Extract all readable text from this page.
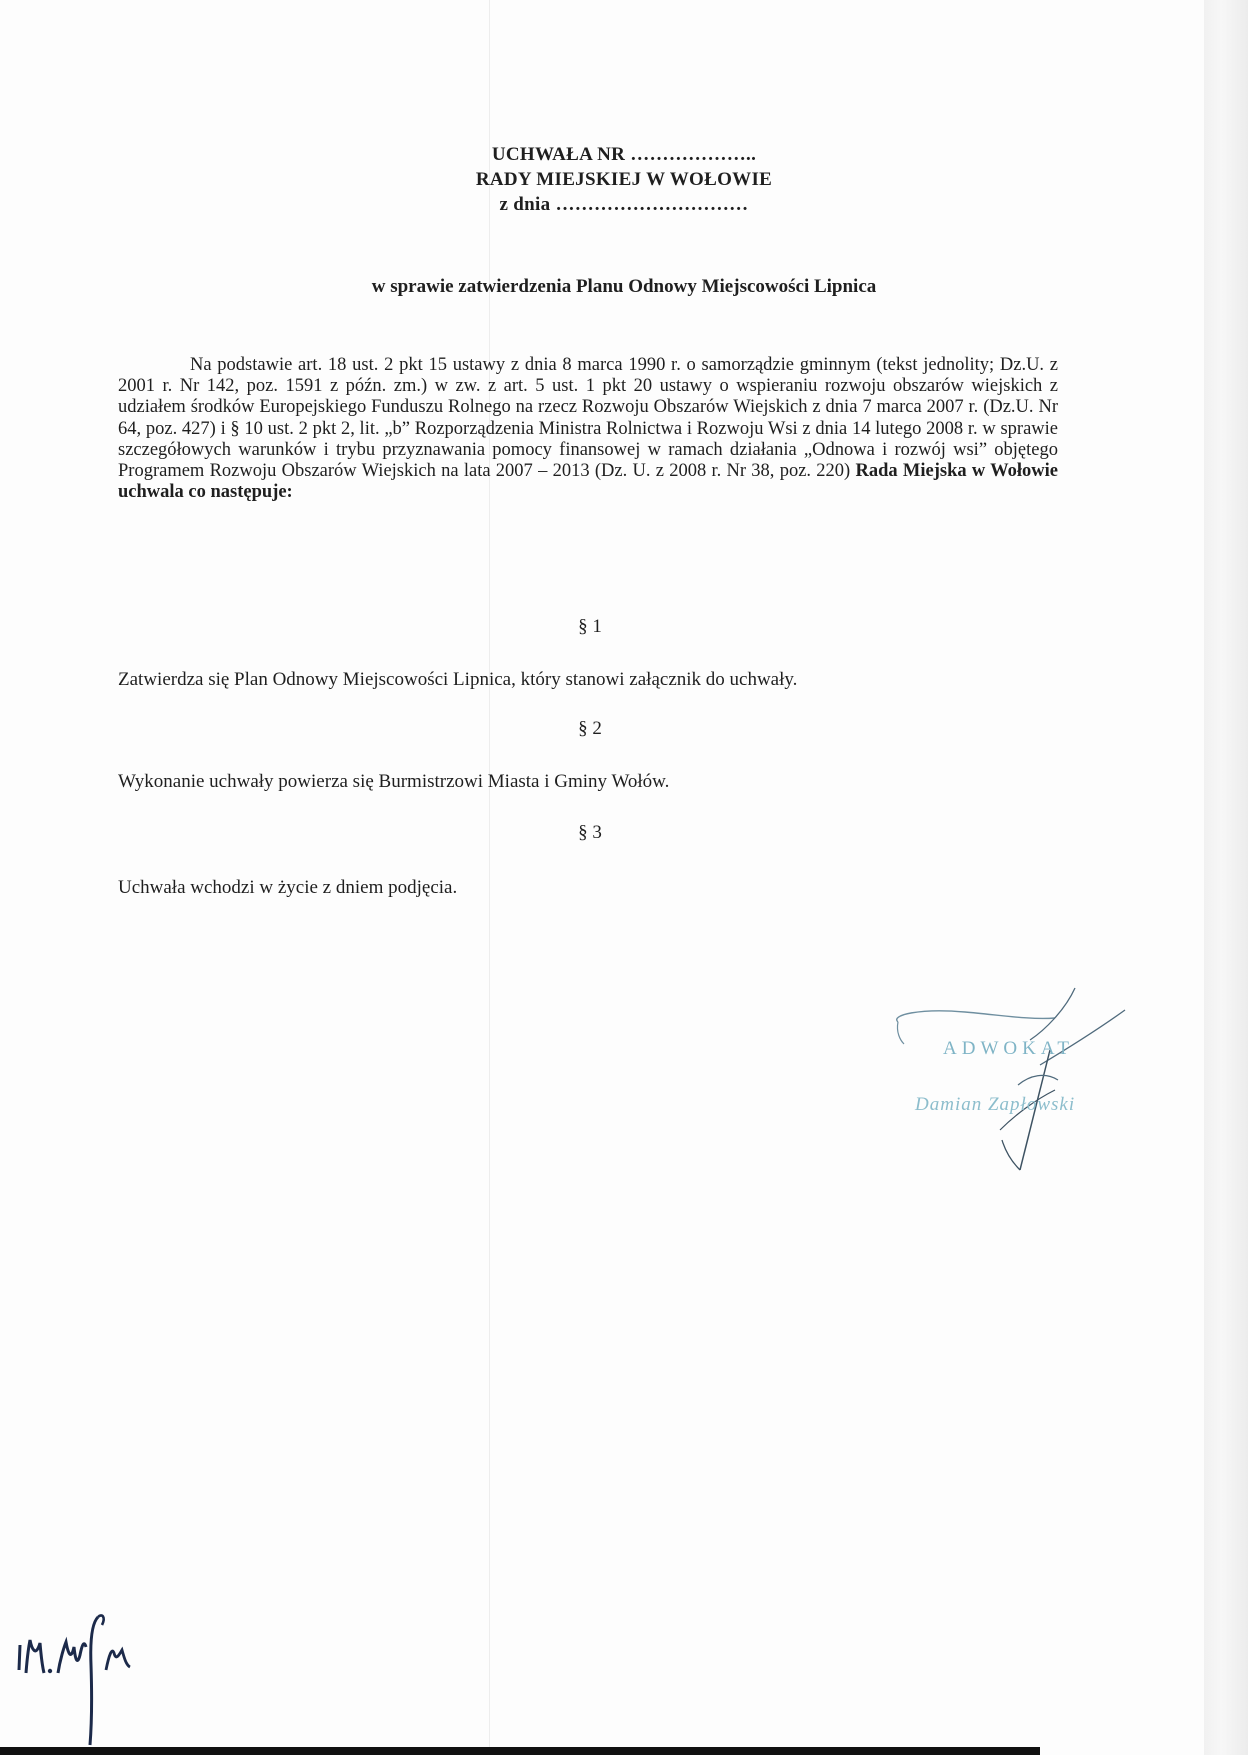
UCHWAŁA NR ………………..
RADY MIEJSKIEJ W WOŁOWIE
z dnia …………………………
w sprawie zatwierdzenia Planu Odnowy Miejscowości Lipnica
Na podstawie art. 18 ust. 2 pkt 15 ustawy z dnia 8 marca 1990 r. o samorządzie gminnym (tekst jednolity; Dz.U. z 2001 r. Nr 142, poz. 1591 z późn. zm.) w zw. z art. 5 ust. 1 pkt 20 ustawy o wspieraniu rozwoju obszarów wiejskich z udziałem środków Europejskiego Funduszu Rolnego na rzecz Rozwoju Obszarów Wiejskich z dnia 7 marca 2007 r. (Dz.U. Nr 64, poz. 427) i § 10 ust. 2 pkt 2, lit. „b” Rozporządzenia Ministra Rolnictwa i Rozwoju Wsi z dnia 14 lutego 2008 r. w sprawie szczegółowych warunków i trybu przyznawania pomocy finansowej w ramach działania „Odnowa i rozwój wsi” objętego Programem Rozwoju Obszarów Wiejskich na lata 2007 – 2013 (Dz. U. z 2008 r. Nr 38, poz. 220) Rada Miejska w Wołowie uchwala co następuje:
§ 1
Zatwierdza się Plan Odnowy Miejscowości Lipnica, który stanowi załącznik do uchwały.
§ 2
Wykonanie uchwały powierza się Burmistrzowi Miasta i Gminy Wołów.
§ 3
Uchwała wchodzi w życie z dniem podjęcia.
ADWOKAT
Damian Zapłowski
